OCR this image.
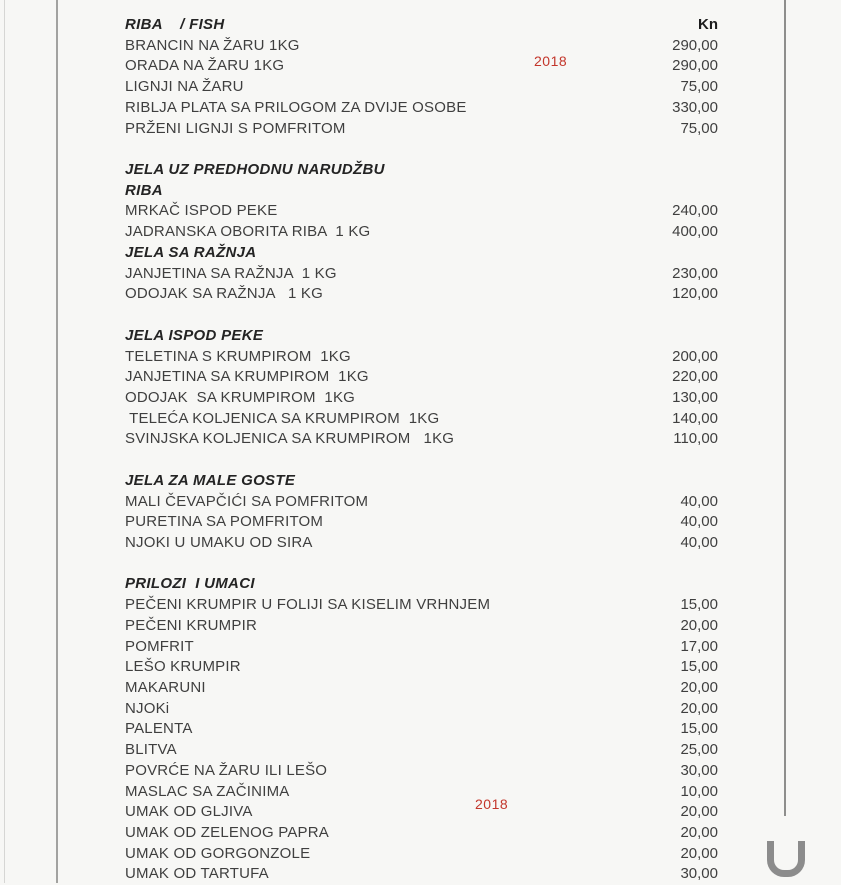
RIBA    / FISH	Kn
BRANCIN NA ŽARU 1KG	290,00
ORADA NA ŽARU 1KG	290,00
LIGNJI NA ŽARU	75,00
RIBLJA PLATA SA PRILOGOM ZA DVIJE OSOBE	330,00
PRŽENI LIGNJI S POMFRITOM	75,00
JELA UZ PREDHODNU NARUDŽBU
RIBA
MRKAČ ISPOD PEKE	240,00
JADRANSKA OBORITA RIBA  1 KG	400,00
JELA SA RAŽNJA
JANJETINA SA RAŽNJA  1 KG	230,00
ODOJAK SA RAŽNJA   1 KG	120,00
JELA ISPOD PEKE
TELETINA S KRUMPIROM  1KG	200,00
JANJETINA SA KRUMPIROM  1KG	220,00
ODOJAK  SA KRUMPIROM  1KG	130,00
TELEĆA KOLJENICA SA KRUMPIROM  1KG	140,00
SVINJSKA KOLJENICA SA KRUMPIROM   1KG	110,00
JELA ZA MALE GOSTE
MALI ČEVAPČIĆI SA POMFRITOM	40,00
PURETINA SA POMFRITOM	40,00
NJOKI U UMAKU OD SIRA	40,00
PRILOZI  I UMACI
PEČENI KRUMPIR U FOLIJI SA KISELIM VRHNJEM	15,00
PEČENI KRUMPIR	20,00
POMFRIT	17,00
LEŠO KRUMPIR	15,00
MAKARUNI	20,00
NJOKi	20,00
PALENTA	15,00
BLITVA	25,00
POVRĆE NA ŽARU ILI LEŠO	30,00
MASLAC SA ZAČINIMA	10,00
UMAK OD GLJIVA	20,00
UMAK OD ZELENOG PAPRA	20,00
UMAK OD GORGONZOLE	20,00
UMAK OD TARTUFA	30,00
2018
2018
